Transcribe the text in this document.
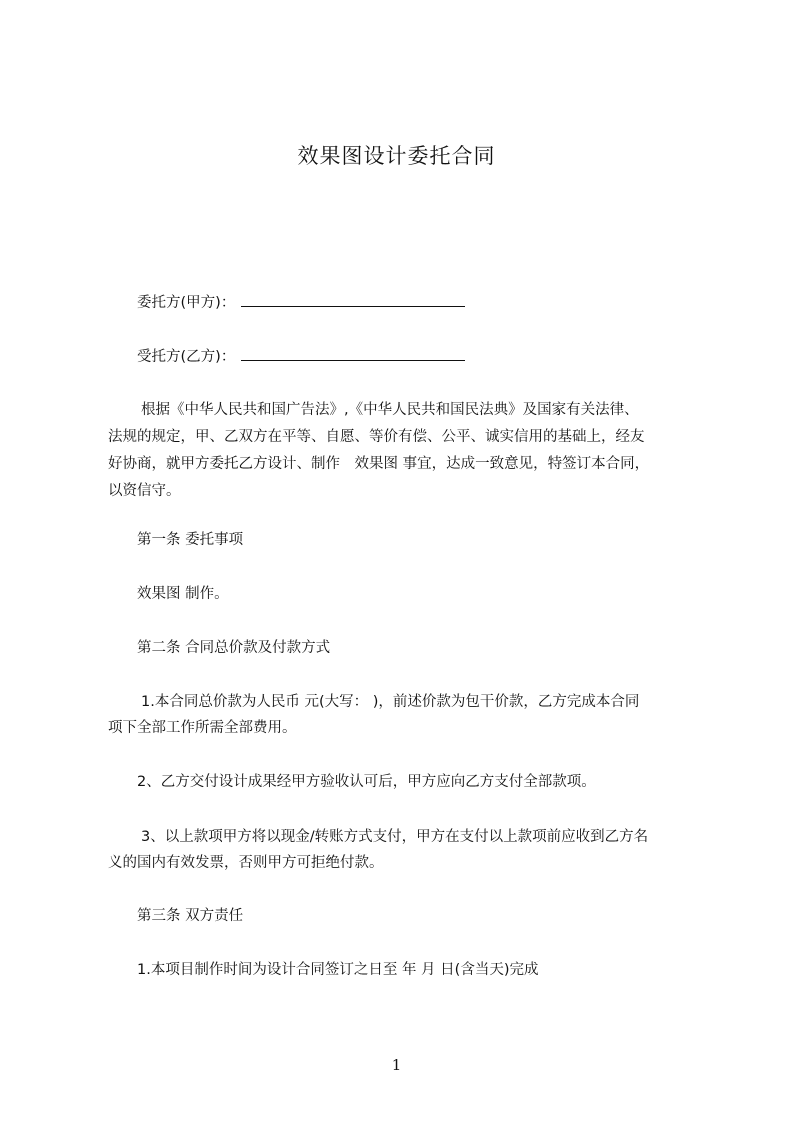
效果图设计委托合同
委托方(甲方)：
受托方(乙方)：
根据《中华人民共和国广告法》,《中华人民共和国民法典》及国家有关法律、
法规的规定，甲、乙双方在平等、自愿、等价有偿、公平、诚实信用的基础上，经友
好协商，就甲方委托乙方设计、制作　效果图 事宜，达成一致意见，特签订本合同，
以资信守。
第一条 委托事项
效果图 制作。
第二条 合同总价款及付款方式
1.本合同总价款为人民币 元(大写： )，前述价款为包干价款，乙方完成本合同
项下全部工作所需全部费用。
2、乙方交付设计成果经甲方验收认可后，甲方应向乙方支付全部款项。
3、以上款项甲方将以现金/转账方式支付，甲方在支付以上款项前应收到乙方名
义的国内有效发票，否则甲方可拒绝付款。
第三条 双方责任
1.本项目制作时间为设计合同签订之日至 年 月 日(含当天)完成
1
